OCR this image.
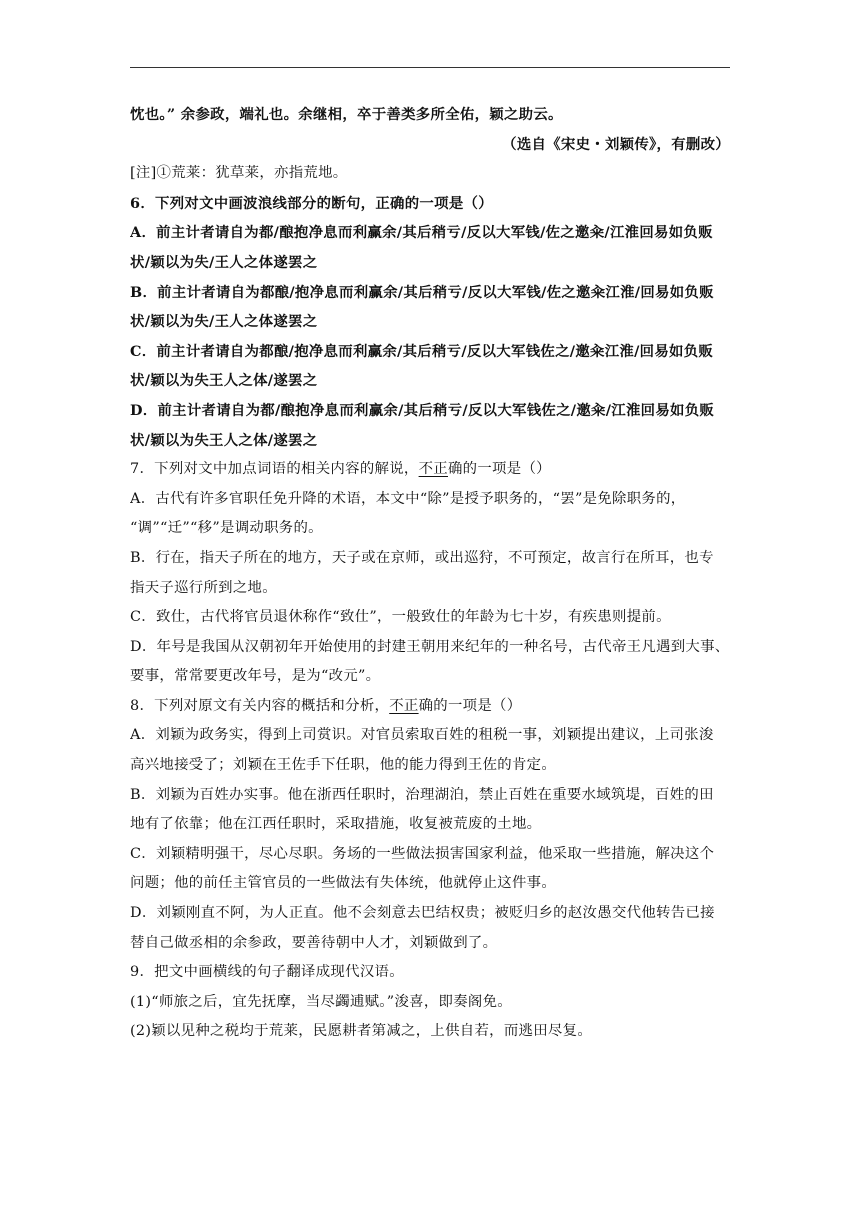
忱也。” 余参政，端礼也。余继相，卒于善类多所全佑，颖之助云。
（选自《宋史・刘颖传》，有删改）
[注]①荒莱：犹草莱，亦指荒地。
6．下列对文中画波浪线部分的断句，正确的一项是（）
A．前主计者请自为都/酿抱净息而利赢余/其后稍亏/反以大军钱/佐之邀籴/江淮回易如负贩
状/颖以为失/王人之体遂罢之
B．前主计者请自为都酿/抱净息而利赢余/其后稍亏/反以大军钱/佐之邀籴江淮/回易如负贩
状/颖以为失/王人之体遂罢之
C．前主计者请自为都酿/抱净息而利赢余/其后稍亏/反以大军钱佐之/邀籴江淮/回易如负贩
状/颖以为失王人之体/遂罢之
D．前主计者请自为都/酿抱净息而利赢余/其后稍亏/反以大军钱佐之/邀籴/江淮回易如负贩
状/颖以为失王人之体/遂罢之
7．下列对文中加点词语的相关内容的解说，不正确的一项是（）
A．古代有许多官职任免升降的术语，本文中“除”是授予职务的，“罢”是免除职务的，
“调”“迁”“移”是调动职务的。
B．行在，指天子所在的地方，天子或在京师，或出巡狩，不可预定，故言行在所耳，也专
指天子巡行所到之地。
C．致仕，古代将官员退休称作“致仕”，一般致仕的年龄为七十岁，有疾患则提前。
D．年号是我国从汉朝初年开始使用的封建王朝用来纪年的一种名号，古代帝王凡遇到大事、
要事，常常要更改年号，是为“改元”。
8．下列对原文有关内容的概括和分析，不正确的一项是（）
A．刘颖为政务实，得到上司赏识。对官员索取百姓的租税一事，刘颖提出建议，上司张浚
高兴地接受了；刘颖在王佐手下任职，他的能力得到王佐的肯定。
B．刘颖为百姓办实事。他在浙西任职时，治理湖泊，禁止百姓在重要水域筑堤，百姓的田
地有了依靠；他在江西任职时，采取措施，收复被荒废的土地。
C．刘颖精明强干，尽心尽职。务场的一些做法损害国家利益，他采取一些措施，解决这个
问题；他的前任主管官员的一些做法有失体统，他就停止这件事。
D．刘颖刚直不阿，为人正直。他不会刻意去巴结权贵；被贬归乡的赵汝愚交代他转告已接
替自己做丞相的余参政，要善待朝中人才，刘颖做到了。
9．把文中画横线的句子翻译成现代汉语。
(1)“师旅之后，宜先抚摩，当尽蠲逋赋。”浚喜，即奏阁免。
(2)颖以见种之税均于荒莱，民愿耕者第减之，上供自若，而逃田尽复。
